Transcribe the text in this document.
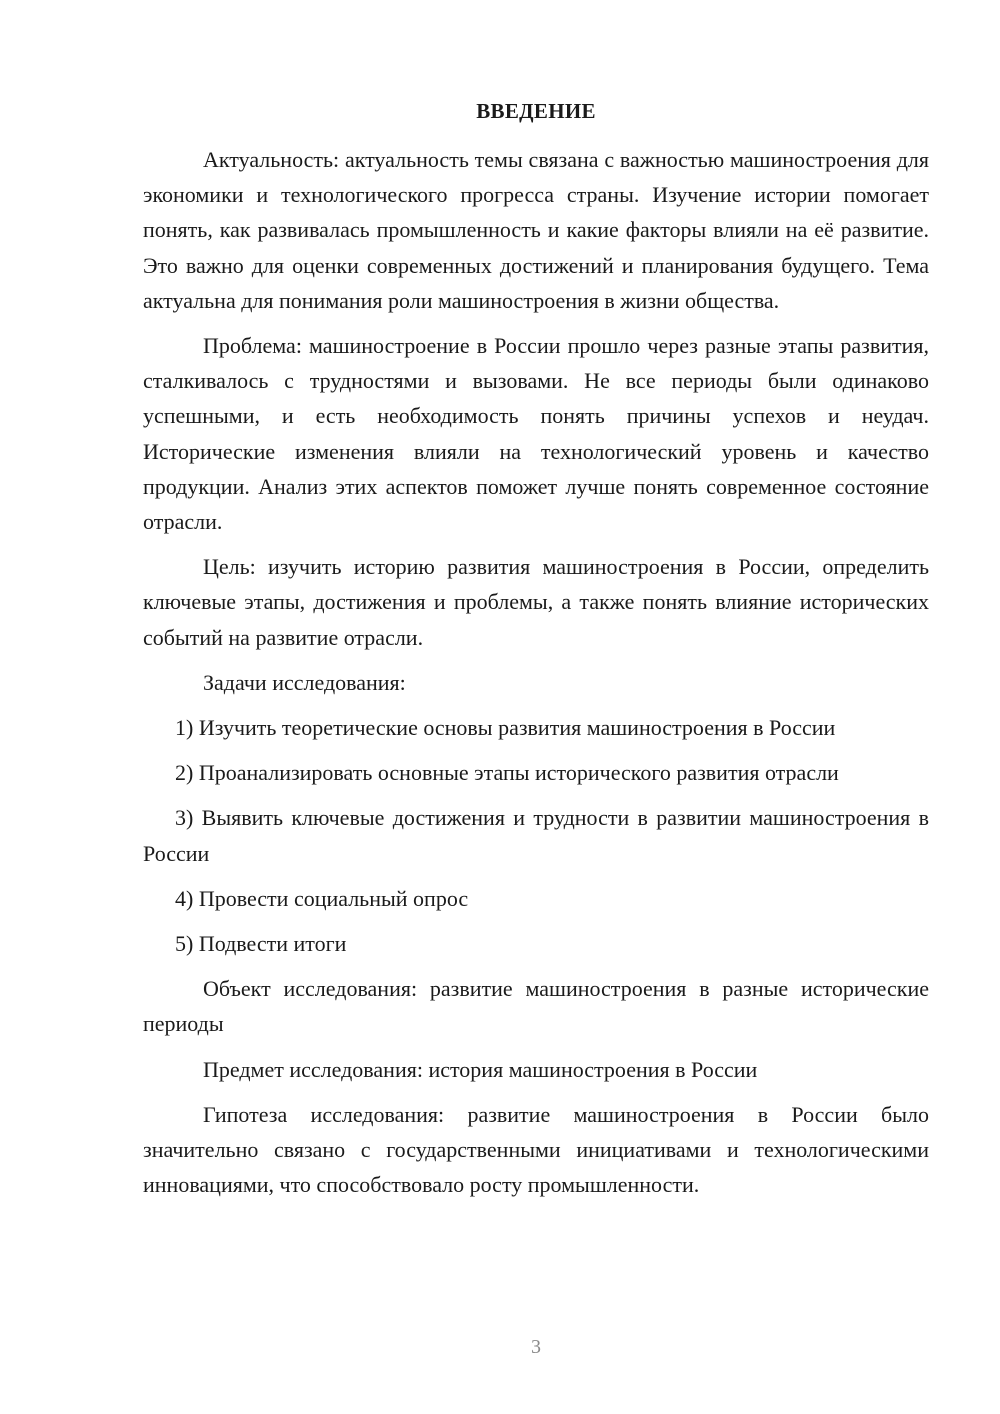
ВВЕДЕНИЕ

Актуальность: актуальность темы связана с важностью машиностроения для экономики и технологического прогресса страны. Изучение истории помогает понять, как развивалась промышленность и какие факторы влияли на её развитие. Это важно для оценки современных достижений и планирования будущего. Тема актуальна для понимания роли машиностроения в жизни общества.

Проблема: машиностроение в России прошло через разные этапы развития, сталкивалось с трудностями и вызовами. Не все периоды были одинаково успешными, и есть необходимость понять причины успехов и неудач. Исторические изменения влияли на технологический уровень и качество продукции. Анализ этих аспектов поможет лучше понять современное состояние отрасли.

Цель: изучить историю развития машиностроения в России, определить ключевые этапы, достижения и проблемы, а также понять влияние исторических событий на развитие отрасли.

Задачи исследования:

1) Изучить теоретические основы развития машиностроения в России

2) Проанализировать основные этапы исторического развития отрасли

3) Выявить ключевые достижения и трудности в развитии машиностроения в России

4) Провести социальный опрос

5) Подвести итоги

Объект исследования: развитие машиностроения в разные исторические периоды

Предмет исследования: история машиностроения в России

Гипотеза исследования: развитие машиностроения в России было значительно связано с государственными инициативами и технологическими инновациями, что способствовало росту промышленности.

3
